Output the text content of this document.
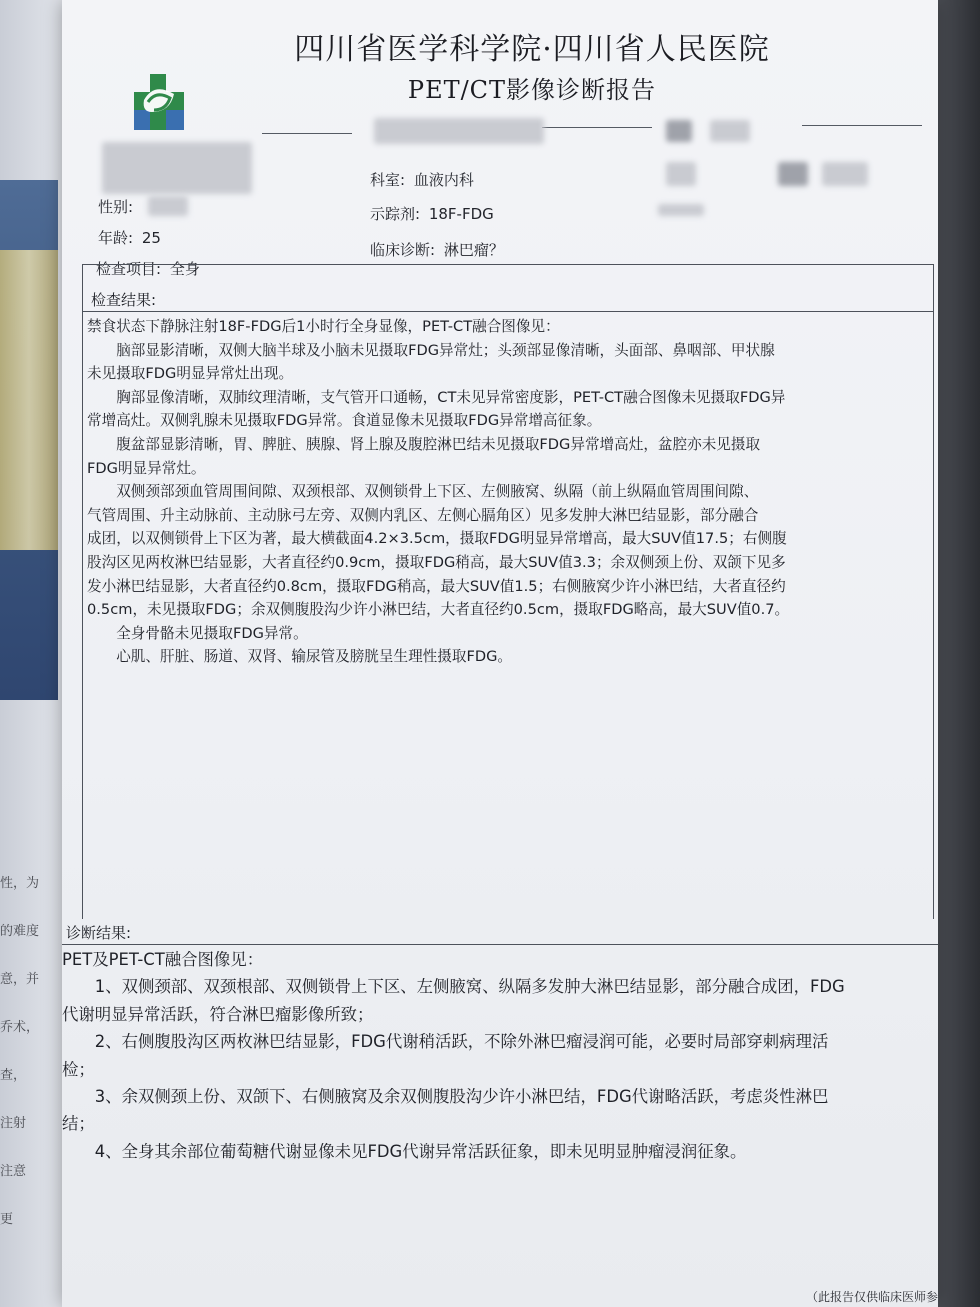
性，为
的难度
意，并
乔术，
查，
注射
注意
更
四川省医学科学院·四川省人民医院
PET/CT影像诊断报告
性别:
年龄: 25
检查项目: 全身
科室: 血液内科
示踪剂: 18F-FDG
临床诊断: 淋巴瘤？
检查结果:

禁食状态下静脉注射18F-FDG后1小时行全身显像，PET-CT融合图像见：

　　脑部显影清晰，双侧大脑半球及小脑未见摄取FDG异常灶；头颈部显像清晰，头面部、鼻咽部、甲状腺

未见摄取FDG明显异常灶出现。

　　胸部显像清晰，双肺纹理清晰，支气管开口通畅，CT未见异常密度影，PET-CT融合图像未见摄取FDG异

常增高灶。双侧乳腺未见摄取FDG异常。食道显像未见摄取FDG异常增高征象。

　　腹盆部显影清晰，胃、脾脏、胰腺、肾上腺及腹腔淋巴结未见摄取FDG异常增高灶，盆腔亦未见摄取

FDG明显异常灶。

　　双侧颈部颈血管周围间隙、双颈根部、双侧锁骨上下区、左侧腋窝、纵隔（前上纵隔血管周围间隙、

气管周围、升主动脉前、主动脉弓左旁、双侧内乳区、左侧心膈角区）见多发肿大淋巴结显影，部分融合

成团，以双侧锁骨上下区为著，最大横截面4.2×3.5cm，摄取FDG明显异常增高，最大SUV值17.5；右侧腹

股沟区见两枚淋巴结显影，大者直径约0.9cm，摄取FDG稍高，最大SUV值3.3；余双侧颈上份、双颌下见多

发小淋巴结显影，大者直径约0.8cm，摄取FDG稍高，最大SUV值1.5；右侧腋窝少许小淋巴结，大者直径约

0.5cm，未见摄取FDG；余双侧腹股沟少许小淋巴结，大者直径约0.5cm，摄取FDG略高，最大SUV值0.7。

　　全身骨骼未见摄取FDG异常。

　　心肌、肝脏、肠道、双肾、输尿管及膀胱呈生理性摄取FDG。

诊断结果:

PET及PET-CT融合图像见：

　　1、双侧颈部、双颈根部、双侧锁骨上下区、左侧腋窝、纵隔多发肿大淋巴结显影，部分融合成团，FDG

代谢明显异常活跃，符合淋巴瘤影像所致；

　　2、右侧腹股沟区两枚淋巴结显影，FDG代谢稍活跃，不除外淋巴瘤浸润可能，必要时局部穿刺病理活

检；

　　3、余双侧颈上份、双颌下、右侧腋窝及余双侧腹股沟少许小淋巴结，FDG代谢略活跃，考虑炎性淋巴

结；

　　4、全身其余部位葡萄糖代谢显像未见FDG代谢异常活跃征象，即未见明显肿瘤浸润征象。

（此报告仅供临床医师参
